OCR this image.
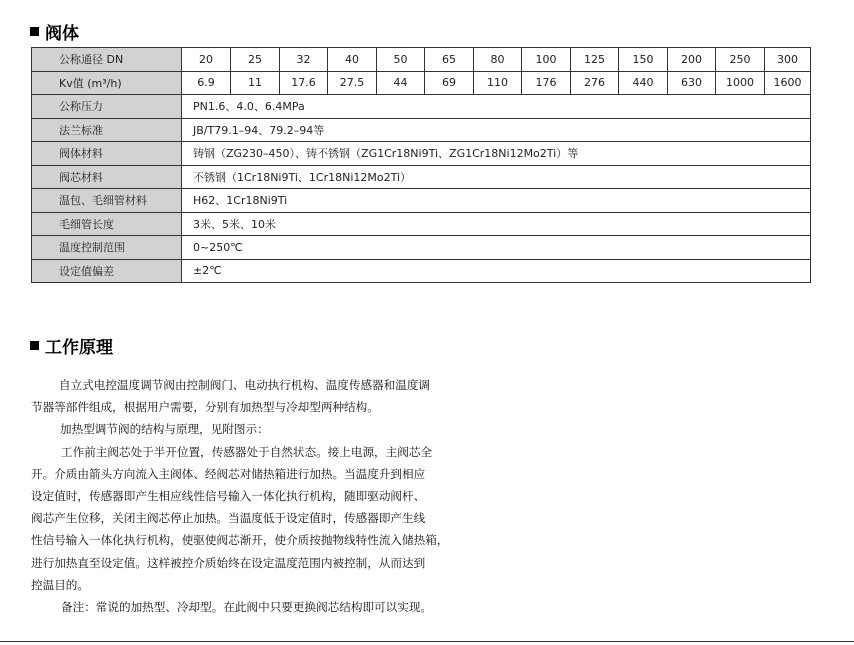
阀体
公称通径 DN	20	25	32	40	50	65	80	100	125	150	200	250	300
Kv值 (m³/h)	6.9	11	17.6	27.5	44	69	110	176	276	440	630	1000	1600
公称压力	PN1.6、4.0、6.4MPa												
法兰标准	JB/T79.1–94、79.2–94等												
阀体材料	铸钢（ZG230–450）、铸不锈钢（ZG1Cr18Ni9Ti、ZG1Cr18Ni12Mo2Ti）等												
阀芯材料	不锈钢（1Cr18Ni9Ti、1Cr18Ni12Mo2Ti）												
温包、毛细管材料	H62、1Cr18Ni9Ti												
毛细管长度	3米、5米、10米												
温度控制范围	0~250℃												
设定值偏差	±2℃												
工作原理

自立式电控温度调节阀由控制阀门、电动执行机构、温度传感器和温度调

节器等部件组成，根据用户需要，分别有加热型与冷却型两种结构。

加热型调节阀的结构与原理，见附图示：

工作前主阀芯处于半开位置，传感器处于自然状态。接上电源，主阀芯全

开。介质由箭头方向流入主阀体、经阀芯对储热箱进行加热。当温度升到相应

设定值时，传感器即产生相应线性信号输入一体化执行机构，随即驱动阀杆、

阀芯产生位移，关闭主阀芯停止加热。当温度低于设定值时，传感器即产生线

性信号输入一体化执行机构，使驱使阀芯渐开，使介质按抛物线特性流入储热箱，

进行加热直至设定值。这样被控介质始终在设定温度范围内被控制，从而达到

控温目的。

备注：常说的加热型、冷却型。在此阀中只要更换阀芯结构即可以实现。
